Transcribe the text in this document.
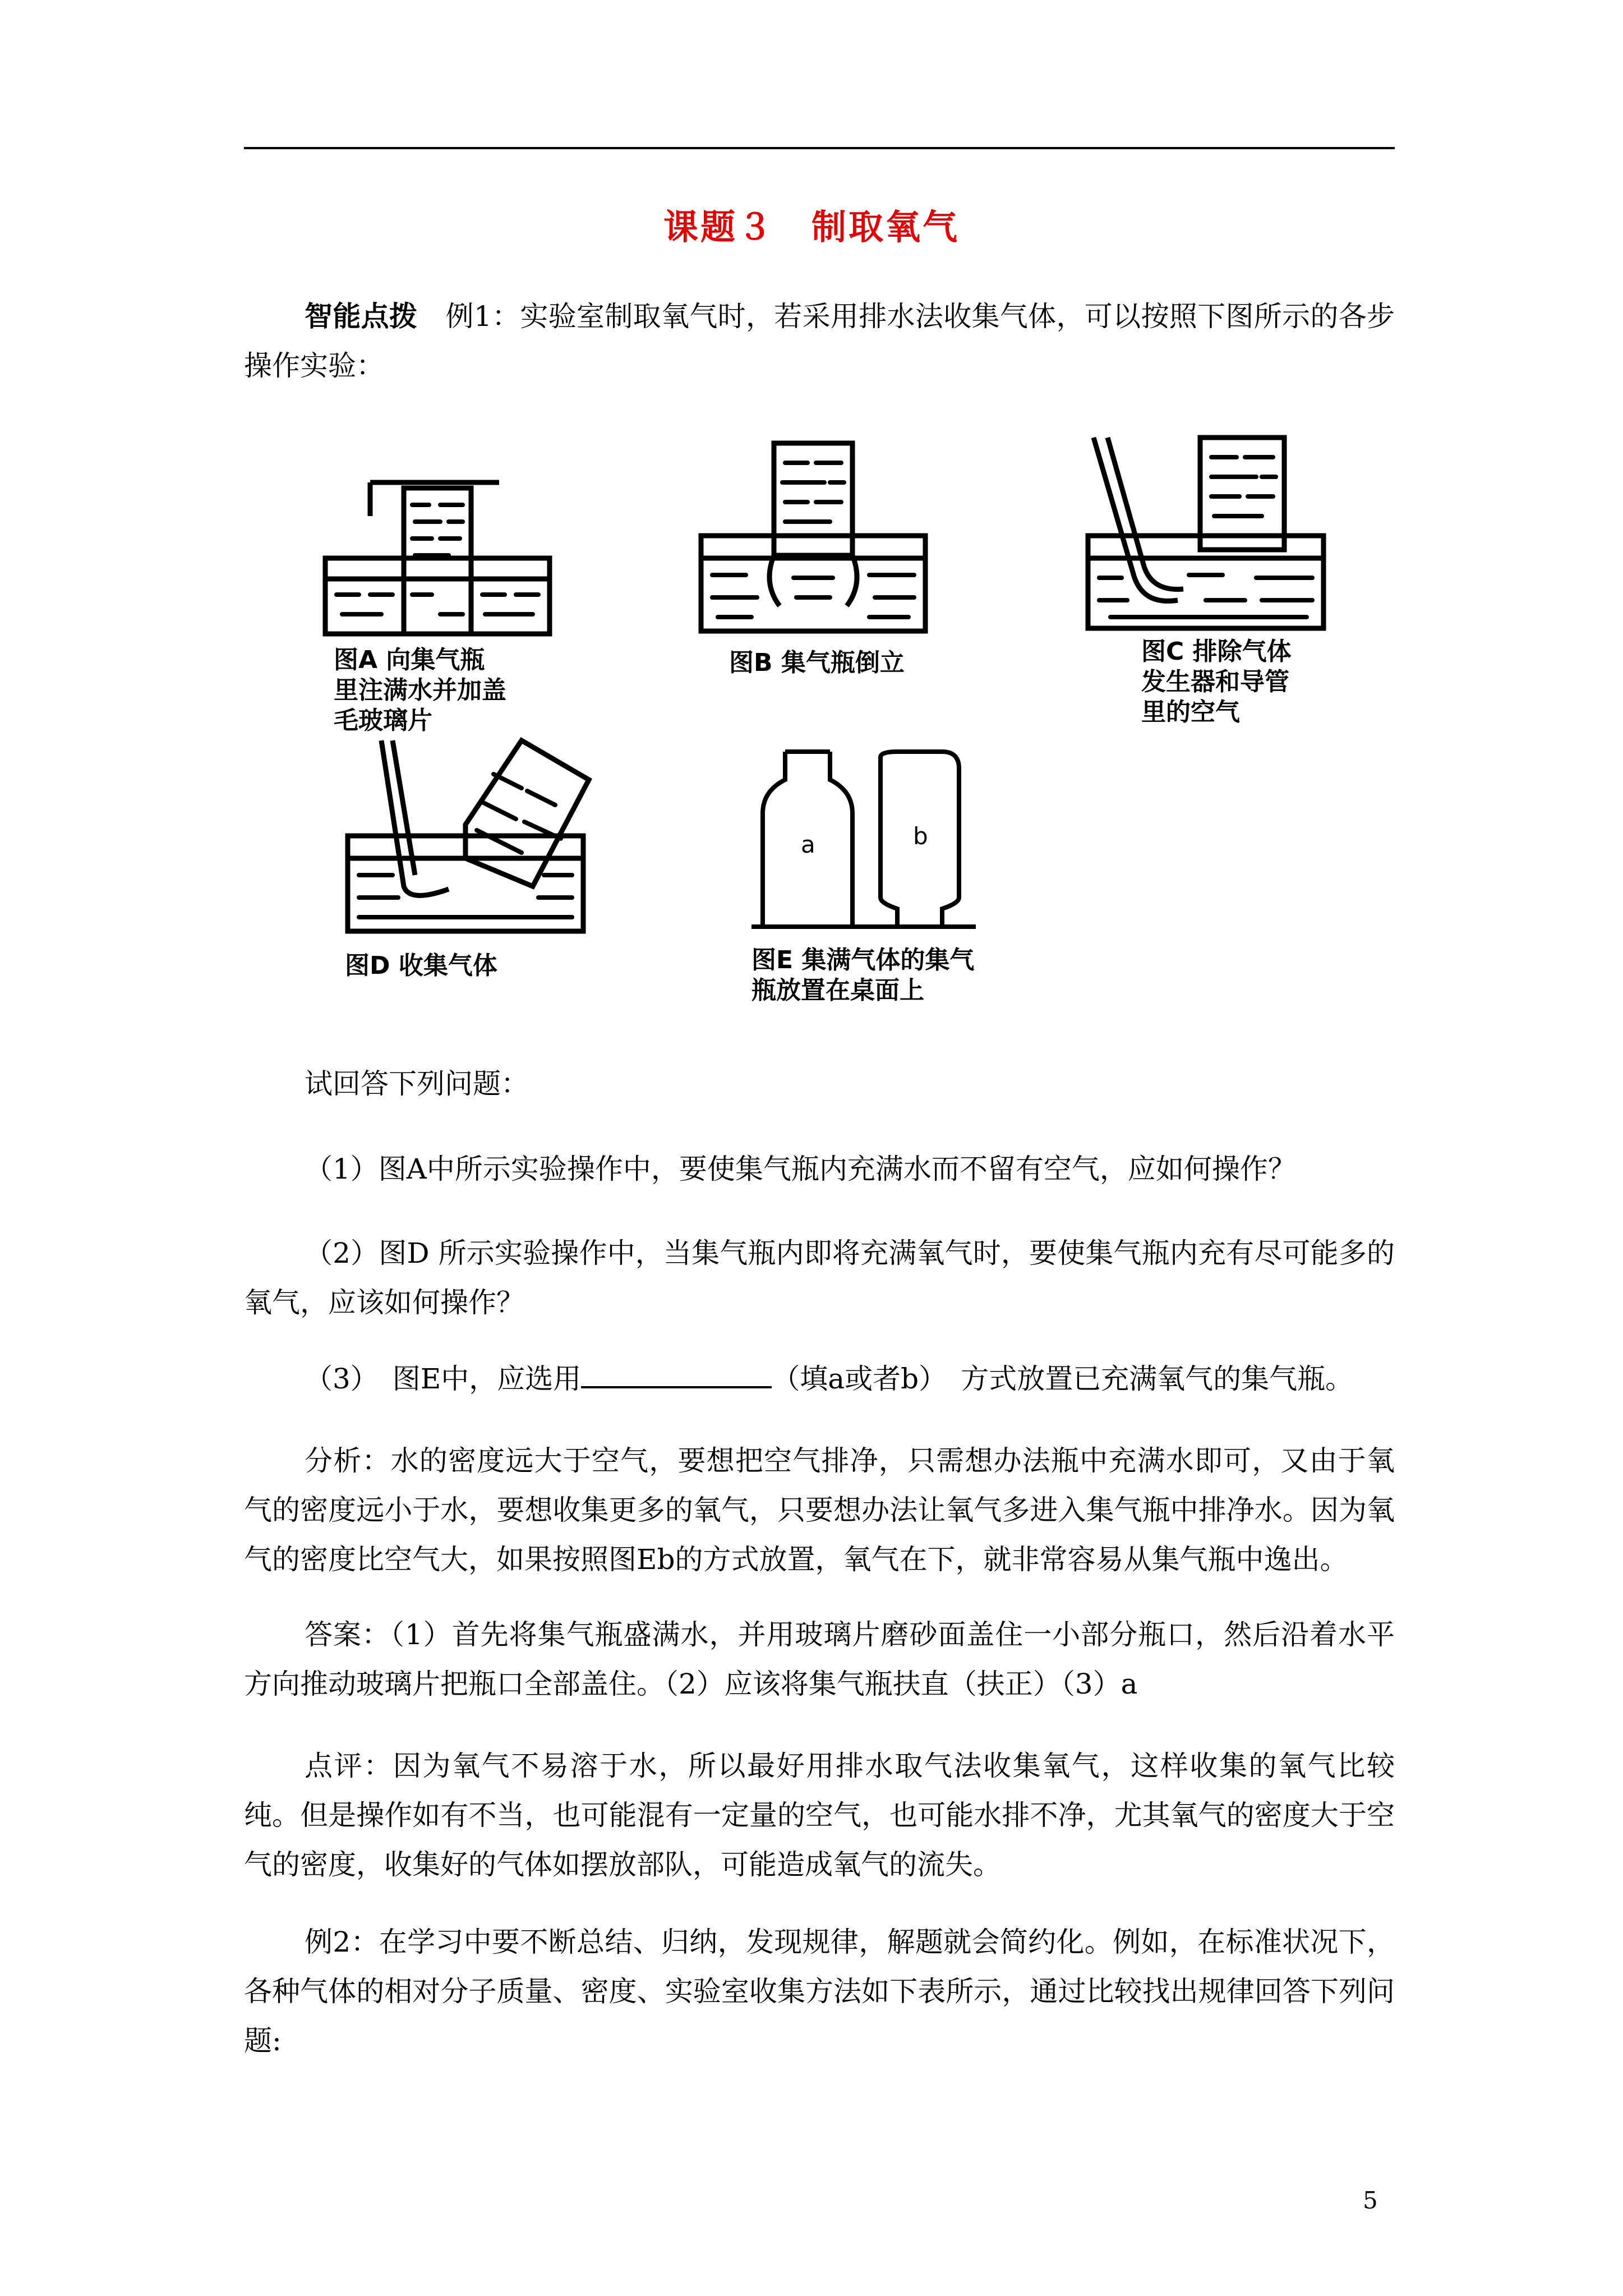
课题３　制取氧气
智能点拨　例1：实验室制取氧气时，若采用排水法收集气体，可以按照下图所示的各步操作实验：
图A 向集气瓶
里注满水并加盖
毛玻璃片
图B 集气瓶倒立	图C 排除气体
发生器和导管
里的空气
图D 收集气体
a	b
图E 集满气体的集气
瓶放置在桌面上
试回答下列问题：
（1）图A中所示实验操作中，要使集气瓶内充满水而不留有空气，应如何操作？
（2）图D 所示实验操作中，当集气瓶内即将充满氧气时，要使集气瓶内充有尽可能多的氧气，应该如何操作？
（3）　图E中，应选用	（填a或者b）　方式放置已充满氧气的集气瓶。
分析：水的密度远大于空气，要想把空气排净，只需想办法瓶中充满水即可，又由于氧气的密度远小于水，要想收集更多的氧气，只要想办法让氧气多进入集气瓶中排净水。因为氧气的密度比空气大，如果按照图Eb的方式放置，氧气在下，就非常容易从集气瓶中逸出。
答案：（1）首先将集气瓶盛满水，并用玻璃片磨砂面盖住一小部分瓶口，然后沿着水平方向推动玻璃片把瓶口全部盖住。（2）应该将集气瓶扶直（扶正）（3）a
点评：因为氧气不易溶于水，所以最好用排水取气法收集氧气，这样收集的氧气比较纯。但是操作如有不当，也可能混有一定量的空气，也可能水排不净，尤其氧气的密度大于空气的密度，收集好的气体如摆放部队，可能造成氧气的流失。
例2：在学习中要不断总结、归纳，发现规律，解题就会简约化。例如，在标准状况下，各种气体的相对分子质量、密度、实验室收集方法如下表所示，通过比较找出规律回答下列问题:
5
